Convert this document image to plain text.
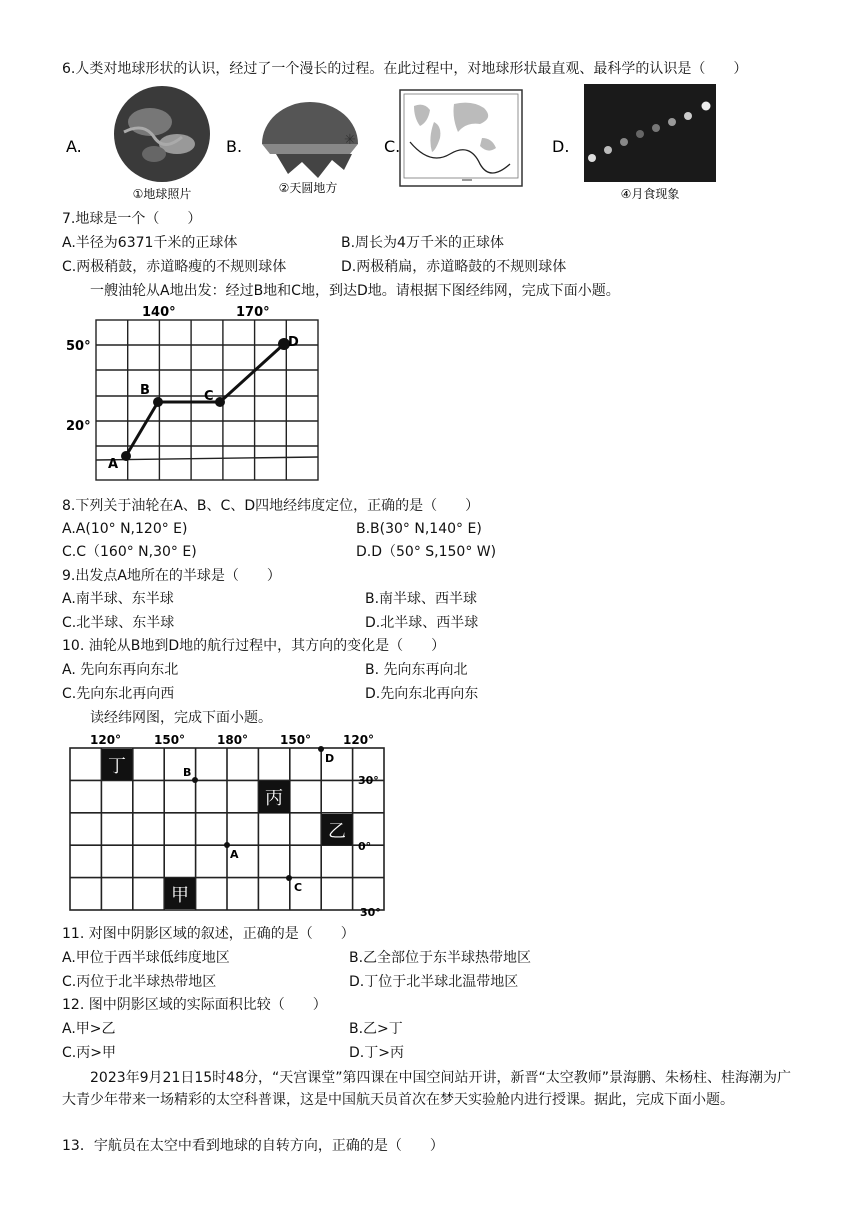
6.人类对地球形状的认识，经过了一个漫长的过程。在此过程中，对地球形状最直观、最科学的认识是（　　）
A.
①地球照片
B.	✳
②天圆地方
C.	D.
④月食现象
7.地球是一个（　　）
A.半径为6371千米的正球体	B.周长为4万千米的正球体
C.两极稍鼓，赤道略瘦的不规则球体	D.两极稍扁，赤道略鼓的不规则球体
一艘油轮从A地出发：经过B地和C地，到达D地。请根据下图经纬网，完成下面小题。
140°	170°
50°
20°
A
B	C
D
8.下列关于油轮在A、B、C、D四地经纬度定位，正确的是（　　）
A.A(10° N,120° E)	B.B(30° N,140° E)
C.C（160° N,30° E)	D.D（50° S,150° W)
9.出发点A地所在的半球是（　　）
A.南半球、东半球	B.南半球、西半球
C.北半球、东半球	D.北半球、西半球
10. 油轮从B地到D地的航行过程中，其方向的变化是（　　）
A. 先向东再向东北	B. 先向东再向北
C.先向东北再向西	D.先向东北再向东
读经纬网图，完成下面小题。
120°	150°	180°	150°	120°
30°
0°
30°
丁
丙
乙
甲
B
D
A
C
11. 对图中阴影区域的叙述，正确的是（　　）
A.甲位于西半球低纬度地区	B.乙全部位于东半球热带地区
C.丙位于北半球热带地区	D.丁位于北半球北温带地区
12. 图中阴影区域的实际面积比较（　　）
A.甲>乙	B.乙>丁
C.丙>甲	D.丁>丙
2023年9月21日15时48分，“天宫课堂”第四课在中国空间站开讲，新晋“太空教师”景海鹏、朱杨柱、桂海潮为广大青少年带来一场精彩的太空科普课，这是中国航天员首次在梦天实验舱内进行授课。据此，完成下面小题。
13．宇航员在太空中看到地球的自转方向，正确的是（　　）
